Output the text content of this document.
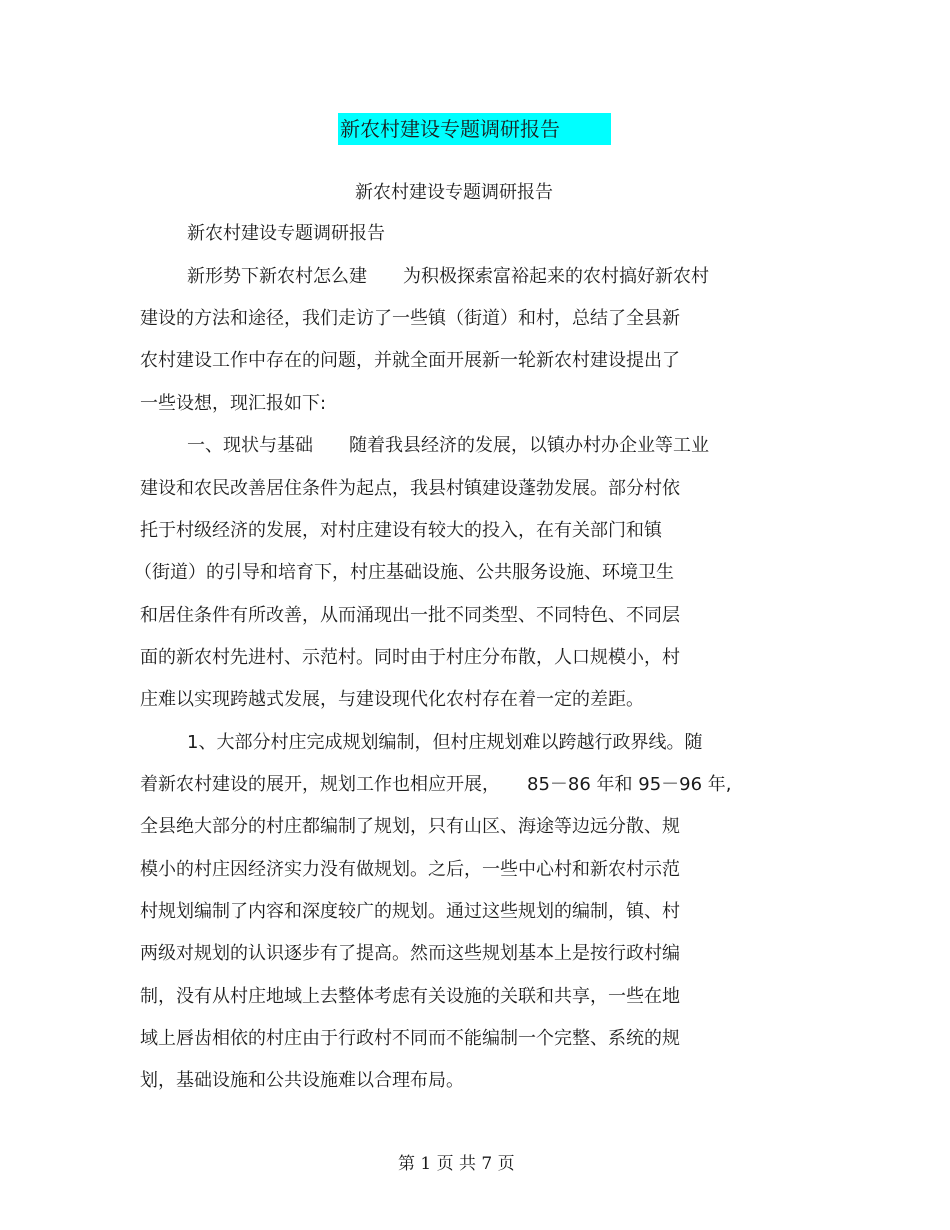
新农村建设专题调研报告
新农村建设专题调研报告
新农村建设专题调研报告
新形势下新农村怎么建　　为积极探索富裕起来的农村搞好新农村
建设的方法和途径，我们走访了一些镇（街道）和村，总结了全县新
农村建设工作中存在的问题，并就全面开展新一轮新农村建设提出了
一些设想，现汇报如下:
一、现状与基础　　随着我县经济的发展，以镇办村办企业等工业
建设和农民改善居住条件为起点，我县村镇建设蓬勃发展。部分村依
托于村级经济的发展，对村庄建设有较大的投入，在有关部门和镇
（街道）的引导和培育下，村庄基础设施、公共服务设施、环境卫生
和居住条件有所改善，从而涌现出一批不同类型、不同特色、不同层
面的新农村先进村、示范村。同时由于村庄分布散，人口规模小，村
庄难以实现跨越式发展，与建设现代化农村存在着一定的差距。
1、大部分村庄完成规划编制，但村庄规划难以跨越行政界线。随
着新农村建设的展开，规划工作也相应开展，　　85－86 年和 95－96 年,
全县绝大部分的村庄都编制了规划，只有山区、海途等边远分散、规
模小的村庄因经济实力没有做规划。之后，一些中心村和新农村示范
村规划编制了内容和深度较广的规划。通过这些规划的编制，镇、村
两级对规划的认识逐步有了提高。然而这些规划基本上是按行政村编
制，没有从村庄地域上去整体考虑有关设施的关联和共享，一些在地
域上唇齿相依的村庄由于行政村不同而不能编制一个完整、系统的规
划，基础设施和公共设施难以合理布局。
第 1 页 共 7 页
